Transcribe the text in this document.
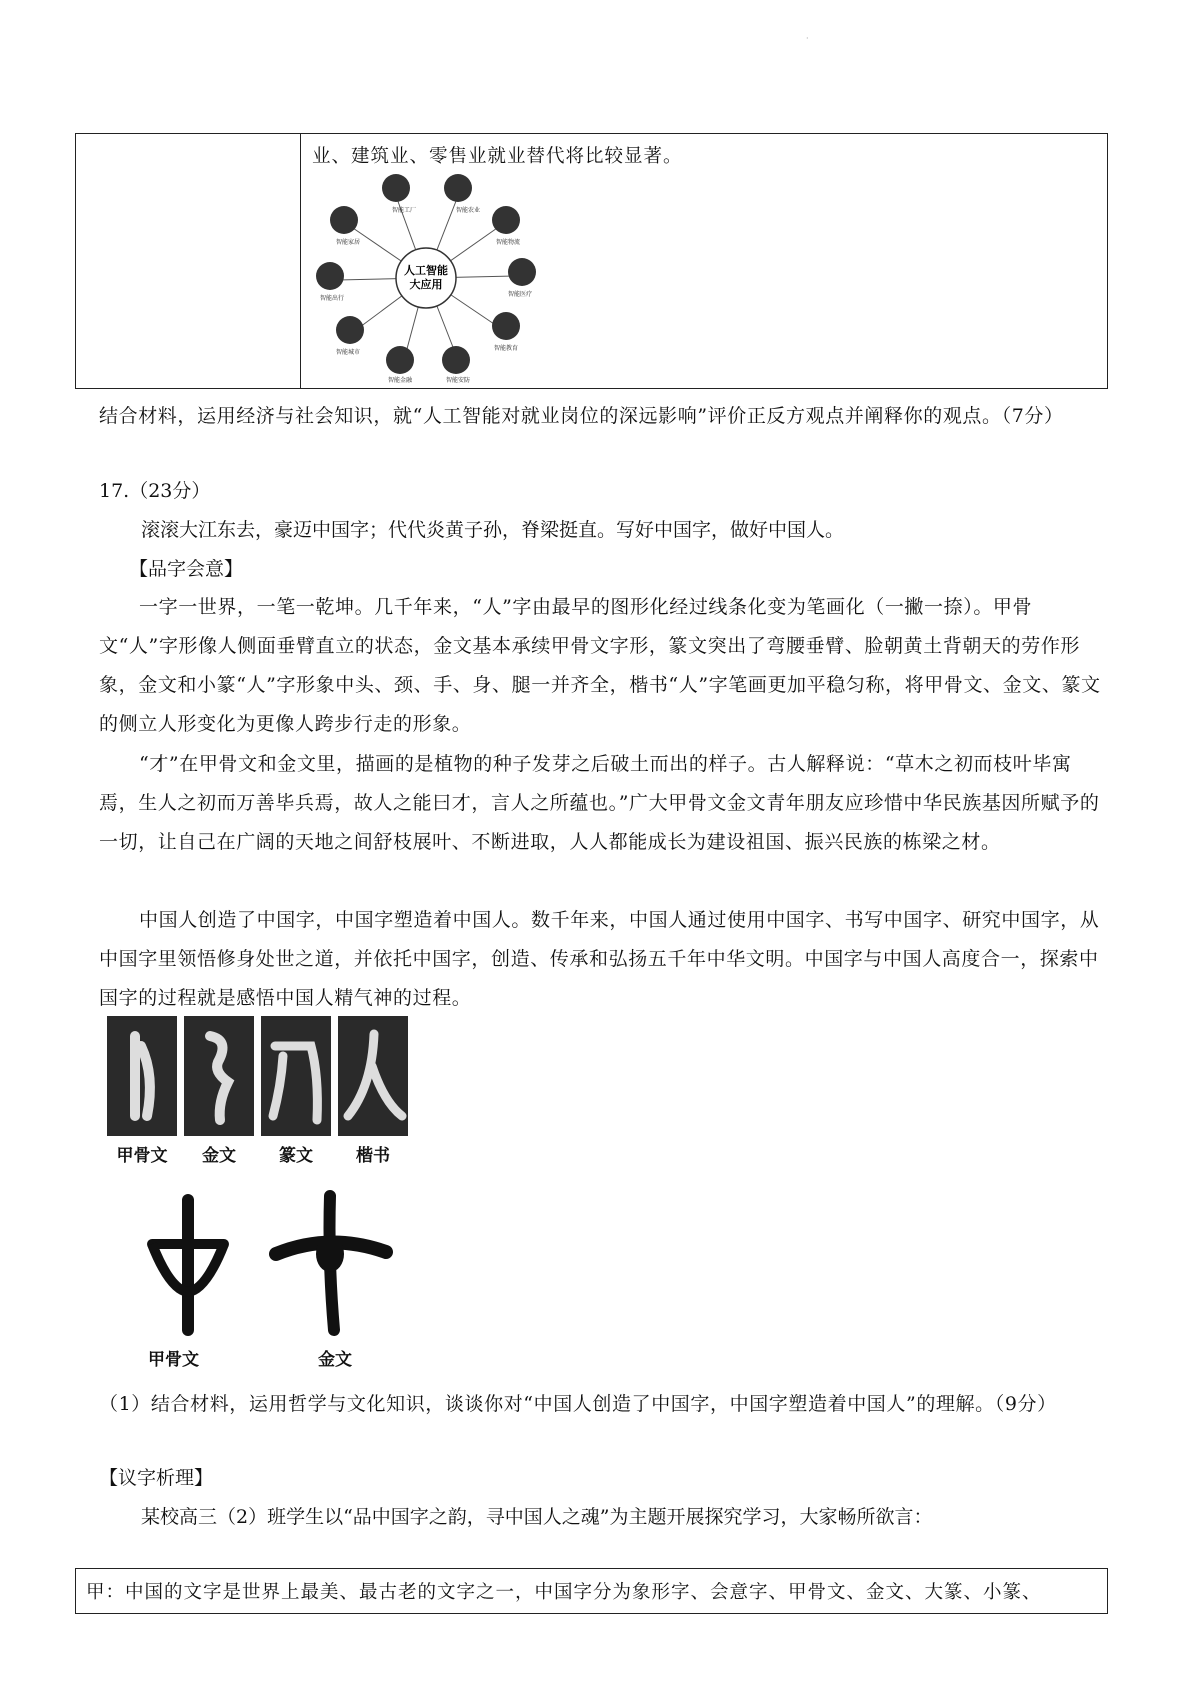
·
业、建筑业、零售业就业替代将比较显著。
人工智能
大应用
智能工厂	智能农业
智能家居	智能物流
智能出行
智能医疗
智能教育
智能城市
智能金融	智能安防
结合材料，运用经济与社会知识，就“人工智能对就业岗位的深远影响”评价正反方观点并阐释你的观点。（7分）
17.（23分）
滚滚大江东去，豪迈中国字；代代炎黄子孙，脊梁挺直。写好中国字，做好中国人。
【品字会意】
一字一世界，一笔一乾坤。几千年来，“人”字由最早的图形化经过线条化变为笔画化（一撇一捺）。甲骨文“人”字形像人侧面垂臂直立的状态，金文基本承续甲骨文字形，篆文突出了弯腰垂臂、脸朝黄土背朝天的劳作形象，金文和小篆“人”字形象中头、颈、手、身、腿一并齐全，楷书“人”字笔画更加平稳匀称，将甲骨文、金文、篆文的侧立人形变化为更像人跨步行走的形象。
“才”在甲骨文和金文里，描画的是植物的种子发芽之后破土而出的样子。古人解释说：“草木之初而枝叶毕寓焉，生人之初而万善毕兵焉，故人之能曰才，言人之所蕴也。”广大甲骨文金文青年朋友应珍惜中华民族基因所赋予的一切，让自己在广阔的天地之间舒枝展叶、不断进取，人人都能成长为建设祖国、振兴民族的栋梁之材。
中国人创造了中国字，中国字塑造着中国人。数千年来，中国人通过使用中国字、书写中国字、研究中国字，从中国字里领悟修身处世之道，并依托中国字，创造、传承和弘扬五千年中华文明。中国字与中国人高度合一，探索中国字的过程就是感悟中国人精气神的过程。
甲骨文	金文	篆文	楷书
甲骨文	金文
（1）结合材料，运用哲学与文化知识，谈谈你对“中国人创造了中国字，中国字塑造着中国人”的理解。（9分）
【议字析理】
某校高三（2）班学生以“品中国字之韵，寻中国人之魂”为主题开展探究学习，大家畅所欲言：
甲：中国的文字是世界上最美、最古老的文字之一，中国字分为象形字、会意字、甲骨文、金文、大篆、小篆、
